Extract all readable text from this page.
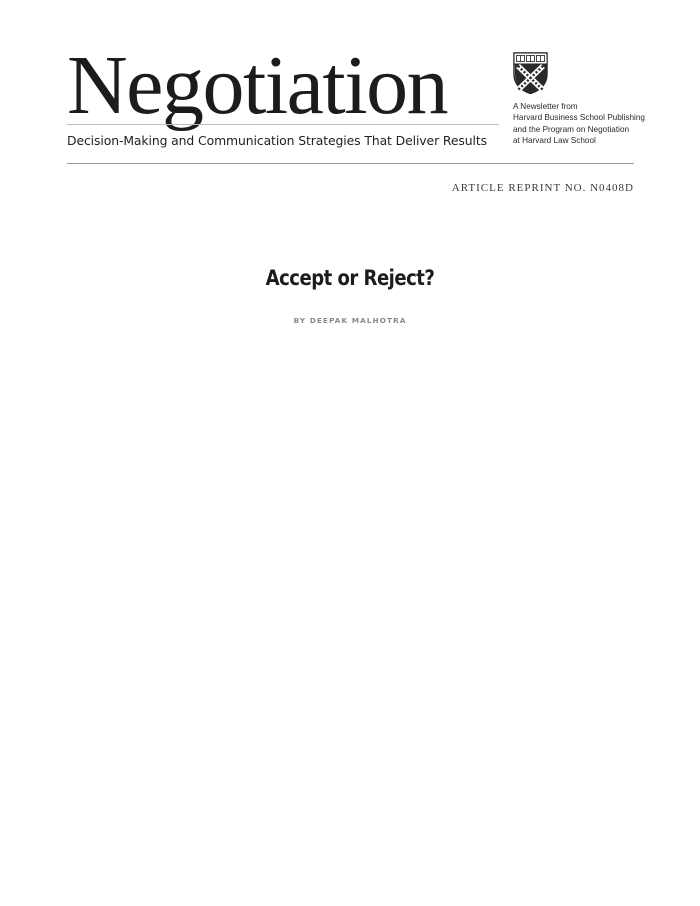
Negotiation
Decision-Making and Communication Strategies That Deliver Results
A Newsletter from
Harvard Business School Publishing
and the Program on Negotiation
at Harvard Law School
ARTICLE REPRINT NO. N0408D
Accept or Reject?
BY DEEPAK MALHOTRA
